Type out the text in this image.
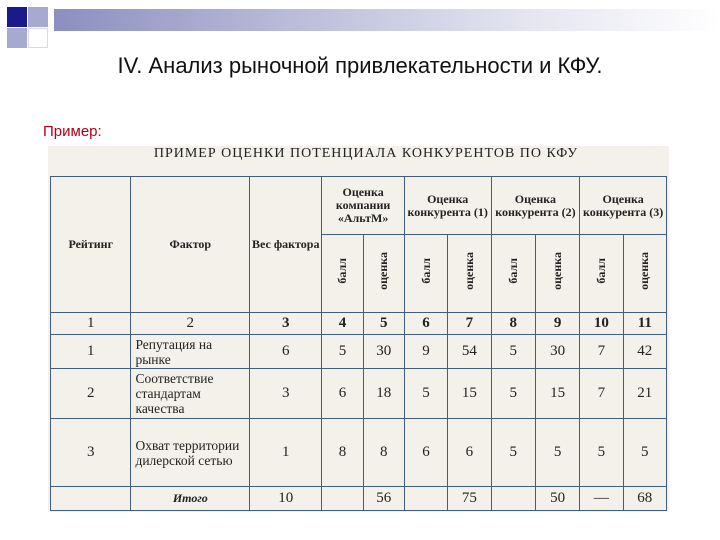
IV. Анализ рыночной привлекательности и КФУ.
Пример:
ПРИМЕР ОЦЕНКИ ПОТЕНЦИАЛА КОНКУРЕНТОВ ПО КФУ
Рейтинг	Фактор	Вес фактора	Оценка компании «АльтМ»		Оценка конкурента (1)		Оценка конкурента (2)		Оценка конкурента (3)	
			балл	оценка	балл	оценка	балл	оценка	балл	оценка
1	2	3	4	5	6	7	8	9	10	11
1	Репутация на рынке	6	5	30	9	54	5	30	7	42
2	Соответствие стандартам качества	3	6	18	5	15	5	15	7	21
3	Охват территории дилерской сетью	1	8	8	6	6	5	5	5	5
	Итого	10		56		75		50	—	68
